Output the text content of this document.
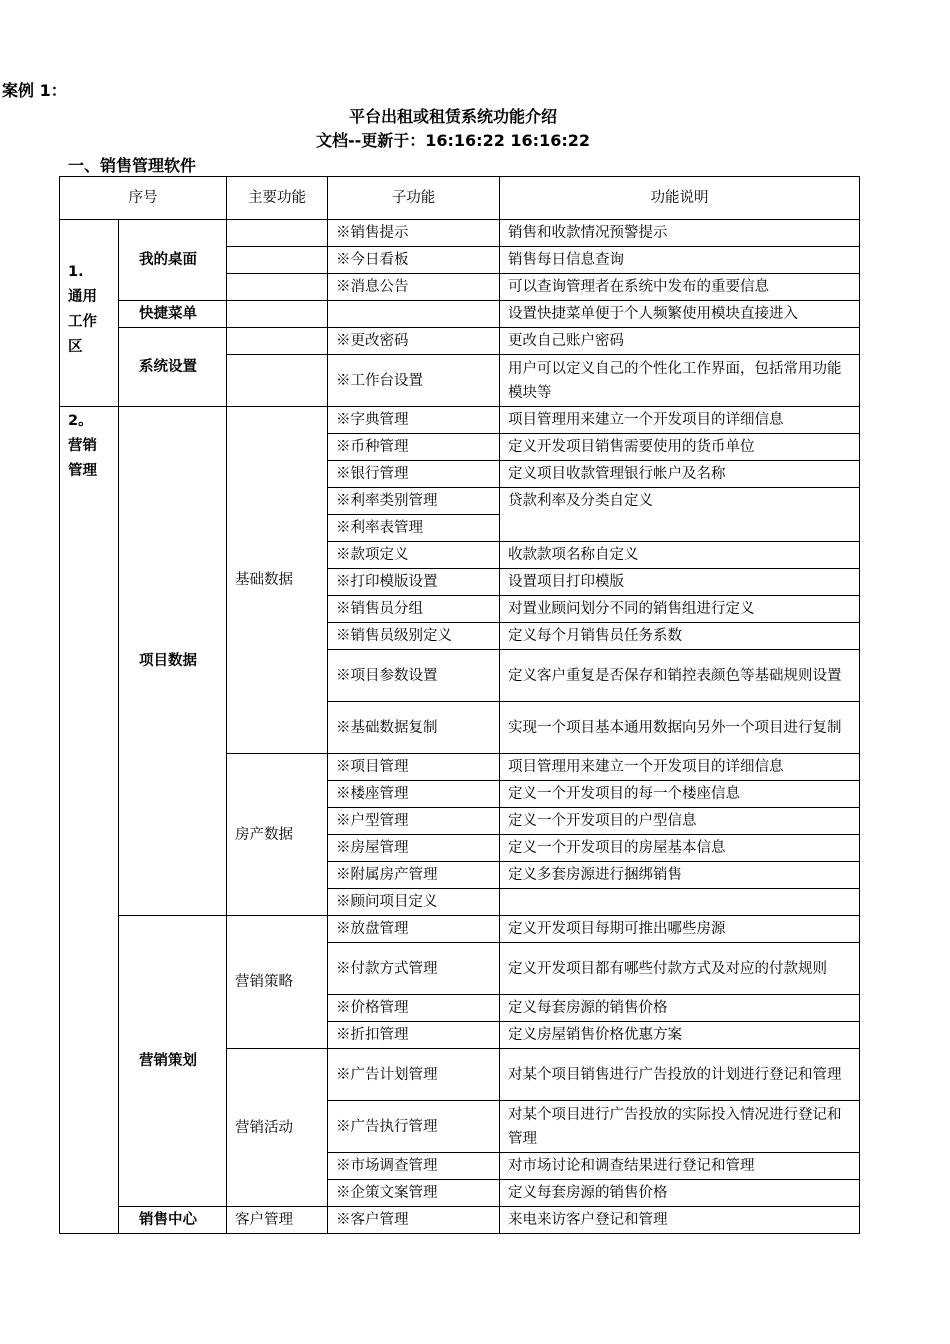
案例 1：
平台出租或租赁系统功能介绍
文档--更新于：16:16:22 16:16:22
一、销售管理软件
序号		主要功能	子功能	功能说明

1.
通用
工作
区	我的桌面		※销售提示	销售和收款情况预警提示
			※今日看板	销售每日信息查询
			※消息公告	可以查询管理者在系统中发布的重要信息
	快捷菜单			设置快捷菜单便于个人频繁使用模块直接进入
	系统设置		※更改密码	更改自己账户密码
			※工作台设置	用户可以定义自己的个性化工作界面，包括常用功能模块等

2。
营销
管理	项目数据	基础数据	※字典管理	项目管理用来建立一个开发项目的详细信息
			※币种管理	定义开发项目销售需要使用的货币单位
			※银行管理	定义项目收款管理银行帐户及名称
			※利率类别管理	贷款利率及分类自定义
			※利率表管理	
			※款项定义	收款款项名称自定义
			※打印模版设置	设置项目打印模版
			※销售员分组	对置业顾问划分不同的销售组进行定义
			※销售员级别定义	定义每个月销售员任务系数
			※项目参数设置	定义客户重复是否保存和销控表颜色等基础规则设置
			※基础数据复制	实现一个项目基本通用数据向另外一个项目进行复制
		房产数据	※项目管理	项目管理用来建立一个开发项目的详细信息
			※楼座管理	定义一个开发项目的每一个楼座信息
			※户型管理	定义一个开发项目的户型信息
			※房屋管理	定义一个开发项目的房屋基本信息
			※附属房产管理	定义多套房源进行捆绑销售
			※顾问项目定义	
	营销策划	营销策略	※放盘管理	定义开发项目每期可推出哪些房源
			※付款方式管理	定义开发项目都有哪些付款方式及对应的付款规则
			※价格管理	定义每套房源的销售价格
			※折扣管理	定义房屋销售价格优惠方案
		营销活动	※广告计划管理	对某个项目销售进行广告投放的计划进行登记和管理
			※广告执行管理	对某个项目进行广告投放的实际投入情况进行登记和管理
			※市场调查管理	对市场讨论和调查结果进行登记和管理
			※企策文案管理	定义每套房源的销售价格
	销售中心	客户管理	※客户管理	来电来访客户登记和管理
